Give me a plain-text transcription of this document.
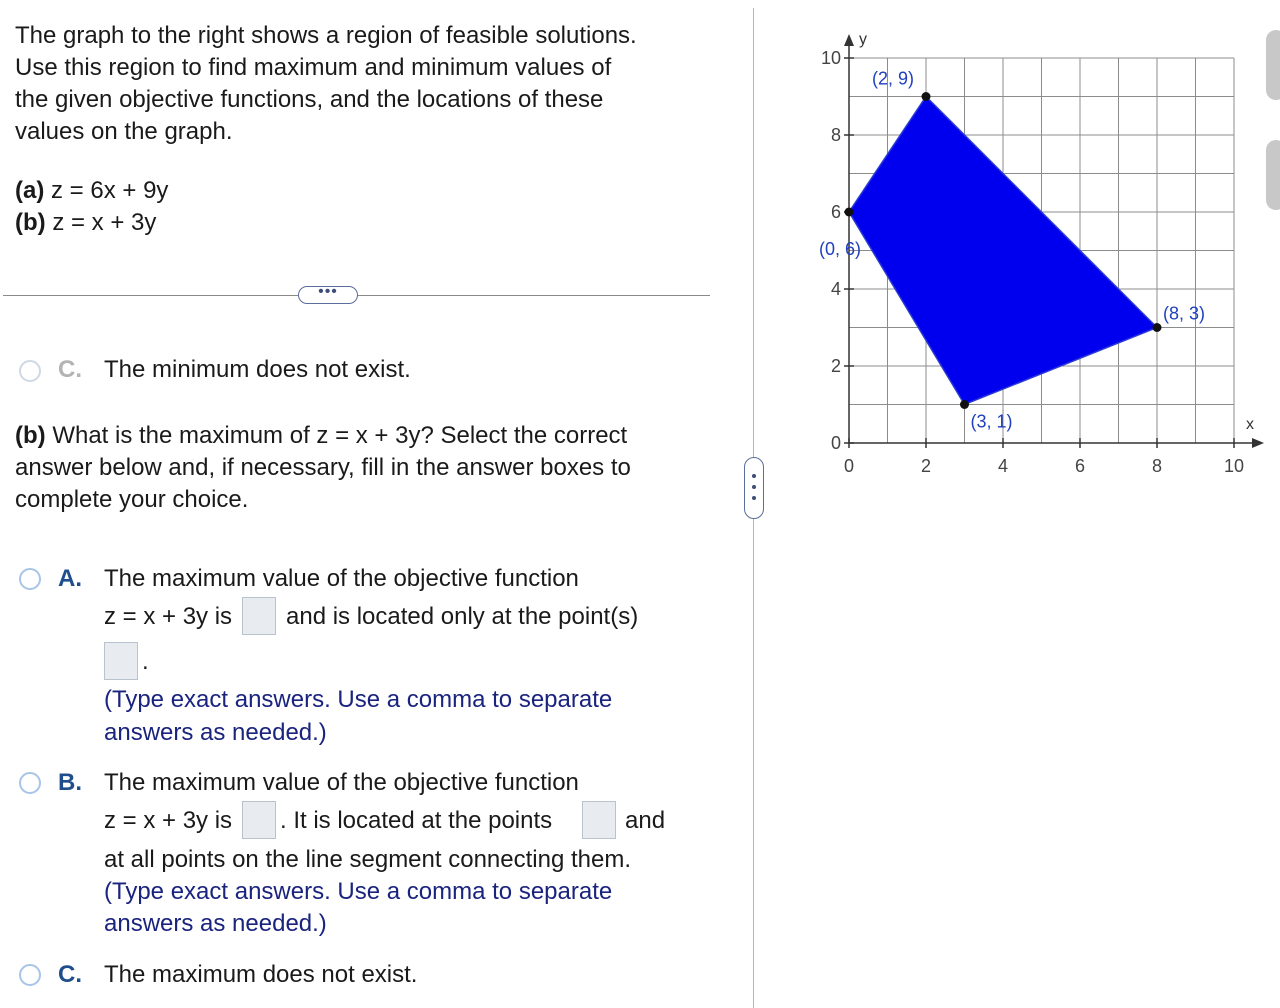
The graph to the right shows a region of feasible solutions.
Use this region to find maximum and minimum values of
the given objective functions, and the locations of these
values on the graph.
(a) z = 6x + 9y
(b) z = x + 3y
•••
C. The minimum does not exist.
(b) What is the maximum of z = x + 3y? Select the correct
answer below and, if necessary, fill in the answer boxes to
complete your choice.
A. The maximum value of the objective function
z = x + 3y is and is located only at the point(s)
.
(Type exact answers. Use a comma to separate
answers as needed.)
B. The maximum value of the objective function
z = x + 3y is . It is located at the points	and
at all points on the line segment connecting them.
(Type exact answers. Use a comma to separate
answers as needed.)
C. The maximum does not exist.
x
y
0	2	4	6	8	10
0
2
4
6
8
10
(2, 9)
(8, 3)
(3, 1)
(0, 6)
